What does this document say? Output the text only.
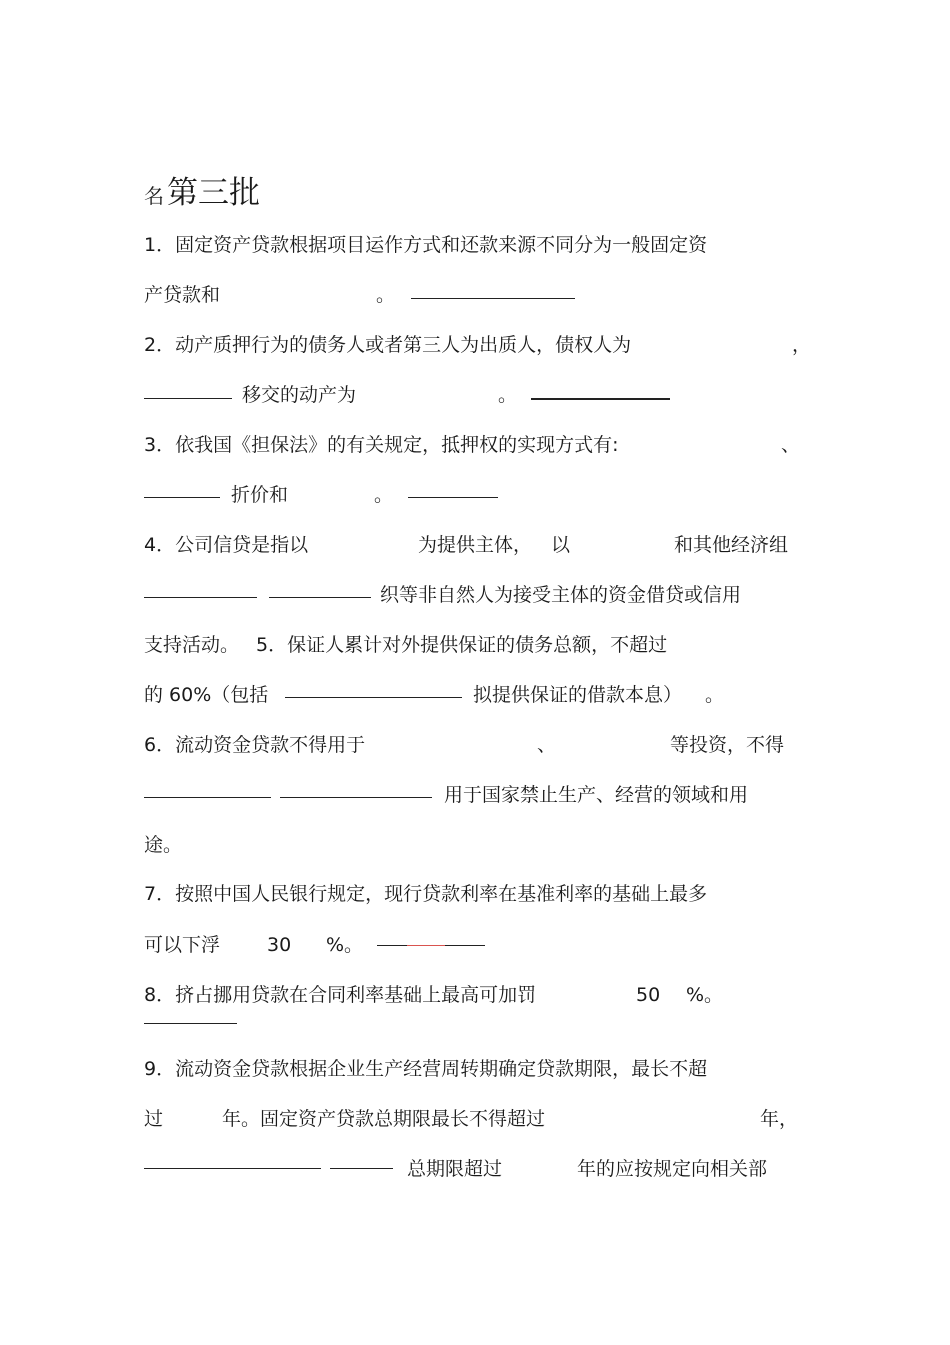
名 第三批
1．固定资产贷款根据项目运作方式和还款来源不同分为一般固定资
产贷款和	。
2．动产质押行为的债务人或者第三人为出质人，债权人为	，
移交的动产为	。
3．依我国《担保法》的有关规定，抵押权的实现方式有:	、
折价和	。
4．公司信贷是指以	为提供主体， 以	和其他经济组
织等非自然人为接受主体的资金借贷或信用
支持活动。 5．保证人累计对外提供保证的债务总额，不超过
的 60%（包括	拟提供保证的借款本息） 。
6．流动资金贷款不得用于	、	等投资，不得
用于国家禁止生产、经营的领域和用
途。
7．按照中国人民银行规定，现行贷款利率在基准利率的基础上最多
可以下浮 30 %。
8．挤占挪用贷款在合同利率基础上最高可加罚	50 %。
9．流动资金贷款根据企业生产经营周转期确定贷款期限，最长不超
过	年。固定资产贷款总期限最长不得超过	年，
总期限超过	年的应按规定向相关部
